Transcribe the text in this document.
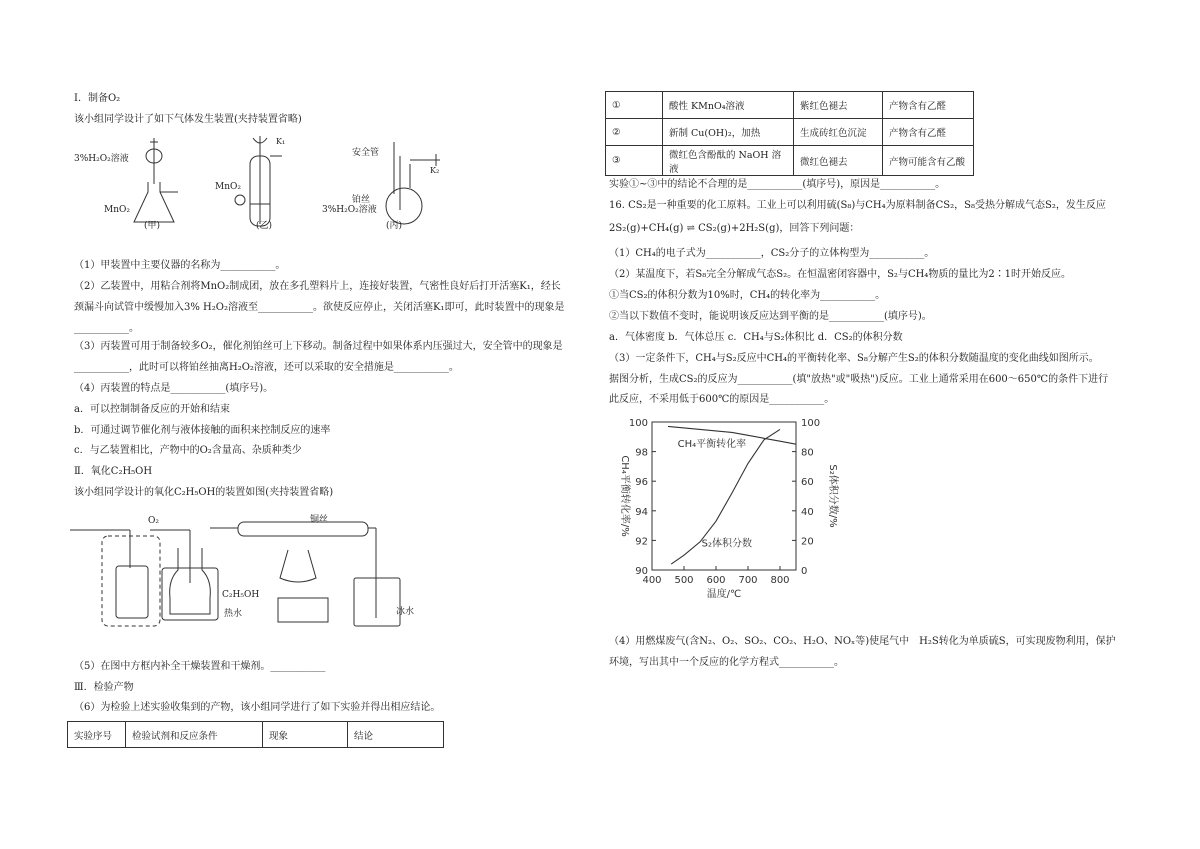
Ⅰ．制备O₂
该小组同学设计了如下气体发生装置(夹持装置省略)
3%H₂O₂溶液
MnO₂
(甲)
K₁
MnO₂
(乙)
安全管
K₂
铂丝
3%H₂O₂溶液
(丙)
（1）甲装置中主要仪器的名称为___________。
（2）乙装置中，用粘合剂将MnO₂制成团，放在多孔塑料片上，连接好装置，气密性良好后打开活塞K₁，经长
颈漏斗向试管中缓慢加入3% H₂O₂溶液至___________。欲使反应停止，关闭活塞K₁即可，此时装置中的现象是
___________。
（3）丙装置可用于制备较多O₂，催化剂铂丝可上下移动。制备过程中如果体系内压强过大，安全管中的现象是
___________，此时可以将铂丝抽离H₂O₂溶液，还可以采取的安全措施是___________。
（4）丙装置的特点是___________(填序号)。
a．可以控制制备反应的开始和结束
b．可通过调节催化剂与液体接触的面积来控制反应的速率
c．与乙装置相比，产物中的O₂含量高、杂质种类少
Ⅱ．氧化C₂H₅OH
该小组同学设计的氧化C₂H₅OH的装置如图(夹持装置省略)
O₂	铜丝
C₂H₅OH
热水	冰水
（5）在图中方框内补全干燥装置和干燥剂。___________
Ⅲ．检验产物
（6）为检验上述实验收集到的产物，该小组同学进行了如下实验并得出相应结论。
实验序号	检验试剂和反应条件	现象	结论
①	酸性 KMnO₄溶液	紫红色褪去	产物含有乙醛
②	新制 Cu(OH)₂，加热	生成砖红色沉淀	产物含有乙醛
③	微红色含酚酞的 NaOH 溶液	微红色褪去	产物可能含有乙酸
实验①~③中的结论不合理的是___________(填序号)，原因是___________。
16. CS₂是一种重要的化工原料。工业上可以利用硫(S₈)与CH₄为原料制备CS₂，S₈受热分解成气态S₂，发生反应
2S₂(g)+CH₄(g) ⇌ CS₂(g)+2H₂S(g)，回答下列问题：
（1）CH₄的电子式为___________，CS₂分子的立体构型为___________。
（2）某温度下，若S₈完全分解成气态S₂。在恒温密闭容器中，S₂与CH₄物质的量比为2∶1时开始反应。
①当CS₂的体积分数为10%时，CH₄的转化率为___________。
②当以下数值不变时，能说明该反应达到平衡的是___________(填序号)。
a．气体密度 b．气体总压 c．CH₄与S₂体积比 d．CS₂的体积分数
（3）一定条件下，CH₄与S₂反应中CH₄的平衡转化率、S₈分解产生S₂的体积分数随温度的变化曲线如图所示。
据图分析，生成CS₂的反应为___________(填"放热"或"吸热")反应。工业上通常采用在600～650℃的条件下进行
此反应，不采用低于600℃的原因是___________。
400 500 600 700 800
90
92
94
96
98
100
0
20
40
60
80
100
CH₄平衡转化率
S₂体积分数
温度/℃
CH₄平衡转化率/%	S₂体积分数/%
（4）用燃煤废气(含N₂、O₂、SO₂、CO₂、H₂O、NOₓ等)使尾气中　H₂S转化为单质硫S，可实现废物利用，保护
环境，写出其中一个反应的化学方程式___________。
